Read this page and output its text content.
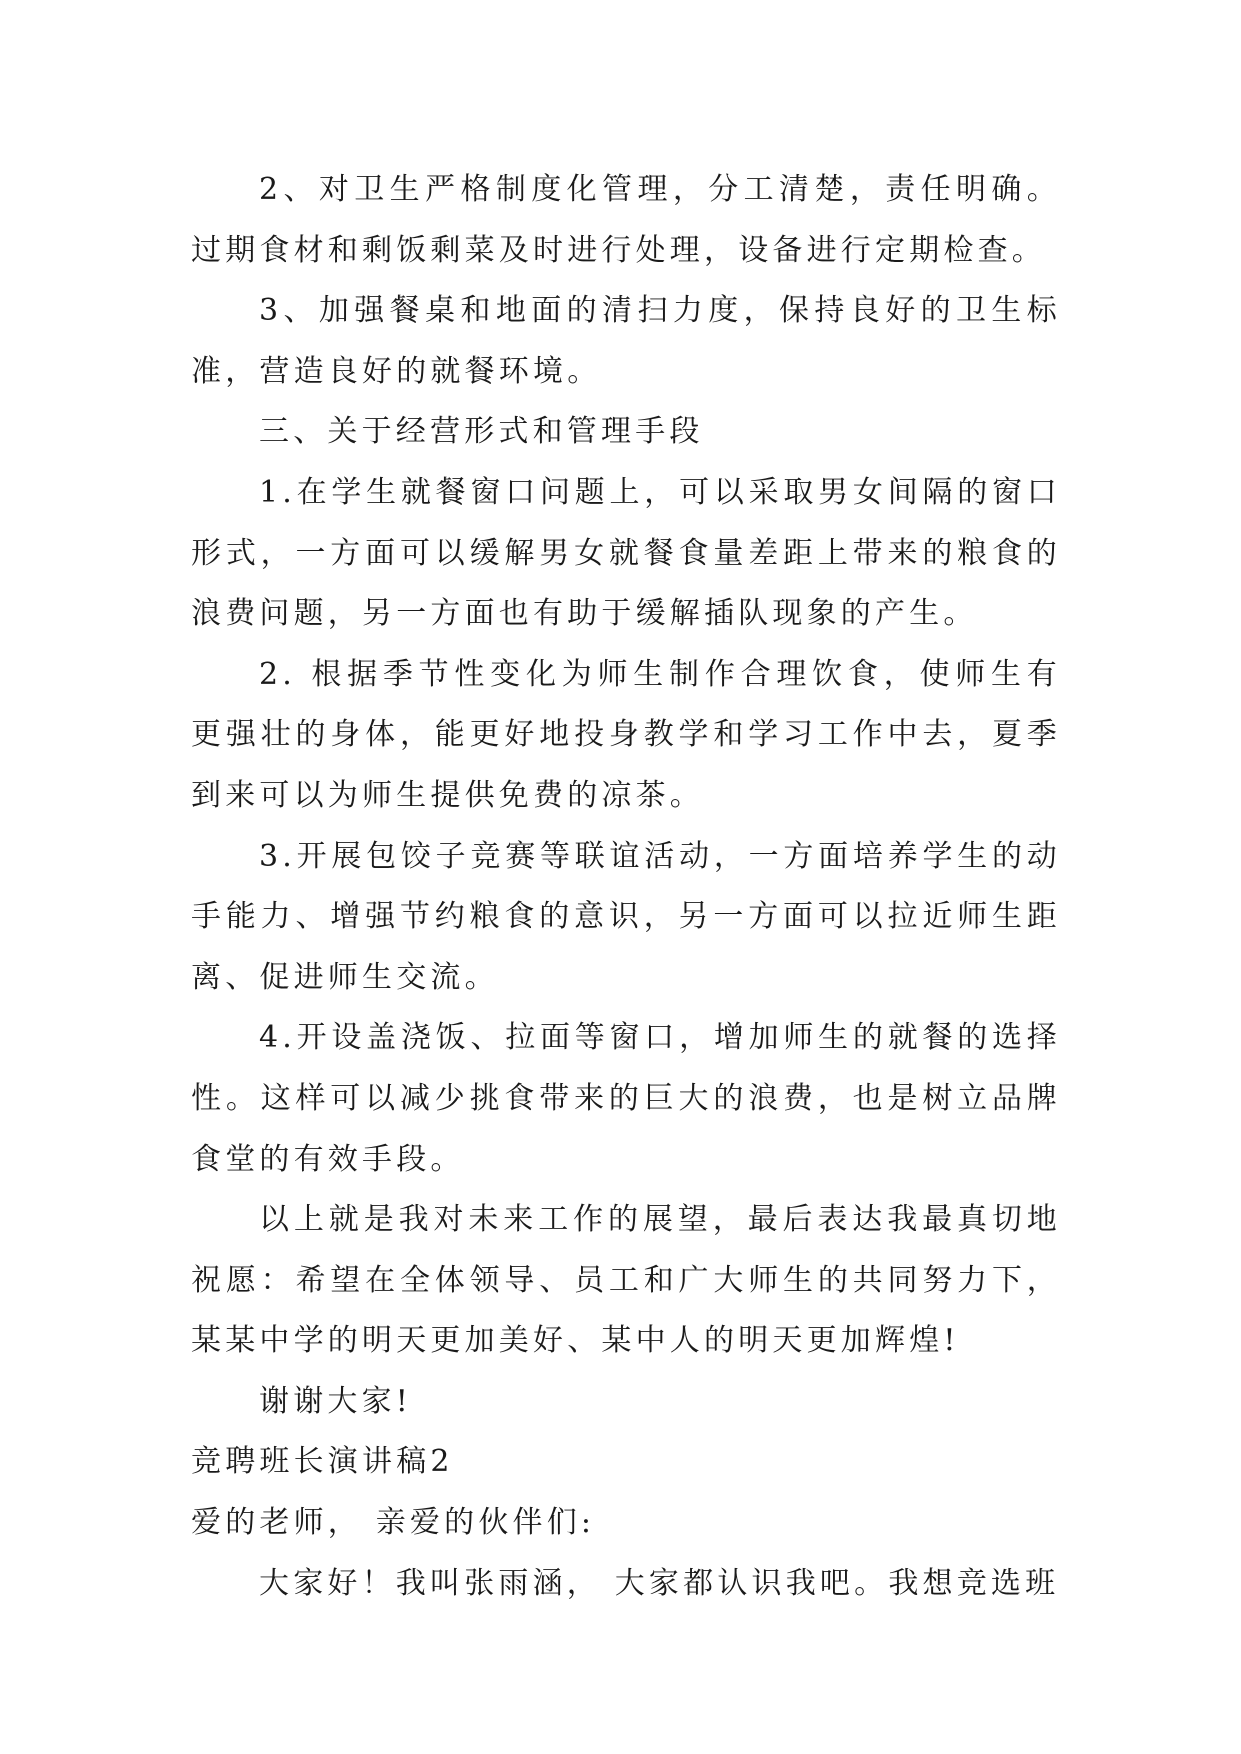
2、对卫生严格制度化管理，分工清楚，责任明确。过期食材和剩饭剩菜及时进行处理，设备进行定期检查。

3、加强餐桌和地面的清扫力度，保持良好的卫生标准，营造良好的就餐环境。

三、关于经营形式和管理手段

1.在学生就餐窗口问题上，可以采取男女间隔的窗口形式，一方面可以缓解男女就餐食量差距上带来的粮食的浪费问题，另一方面也有助于缓解插队现象的产生。

2. 根据季节性变化为师生制作合理饮食，使师生有更强壮的身体，能更好地投身教学和学习工作中去，夏季到来可以为师生提供免费的凉茶。

3.开展包饺子竞赛等联谊活动，一方面培养学生的动手能力、增强节约粮食的意识，另一方面可以拉近师生距离、促进师生交流。

4.开设盖浇饭、拉面等窗口，增加师生的就餐的选择性。这样可以减少挑食带来的巨大的浪费，也是树立品牌食堂的有效手段。

以上就是我对未来工作的展望，最后表达我最真切地祝愿：希望在全体领导、员工和广大师生的共同努力下，某某中学的明天更加美好、某中人的明天更加辉煌!

谢谢大家!

竞聘班长演讲稿2

爱的老师， 亲爱的伙伴们:

大家好！我叫张雨涵， 大家都认识我吧。我想竞选班
